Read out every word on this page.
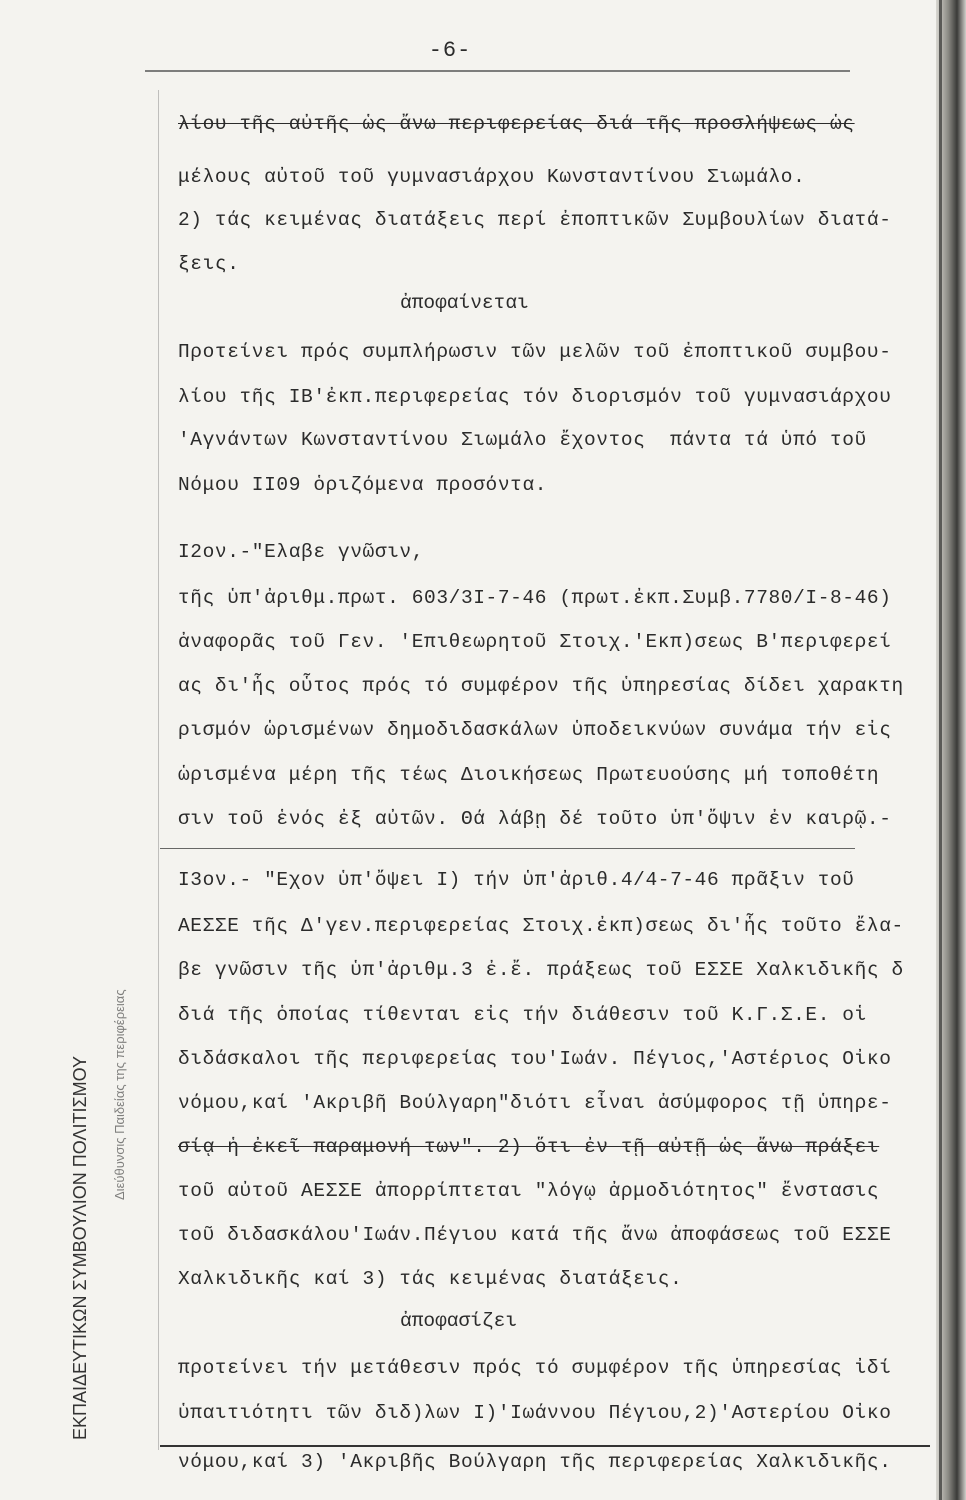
-6-
λίου τῆς αὐτῆς ὡς ἄνω περιφερείας διά τῆς προσλήψεως ὡς
μέλους αὐτοῦ τοῦ γυμνασιάρχου Κωνσταντίνου Σιωμάλο.
2) τάς κειμένας διατάξεις περί ἐποπτικῶν Συμβουλίων διατά-
ξεις.
ἀποφαίνεται
Προτείνει πρός συμπλήρωσιν τῶν μελῶν τοῦ ἐποπτικοῦ συμβου-
λίου τῆς ΙΒ'ἐκπ.περιφερείας τόν διορισμόν τοῦ γυμνασιάρχου
'Αγνάντων Κωνσταντίνου Σιωμάλο ἔχοντος  πάντα τά ὑπό τοῦ
Νόμου ΙΙ09 ὁριζόμενα προσόντα.
I2ον.-"Ελαβε γνῶσιν,
τῆς ὑπ'ἀριθμ.πρωτ. 603/3I-7-46 (πρωτ.ἐκπ.Συμβ.7780/I-8-46)
ἀναφορᾶς τοῦ Γεν. 'Επιθεωρητοῦ Στοιχ.'Εκπ)σεως Β'περιφερεί
ας δι'ἧς οὗτος πρός τό συμφέρον τῆς ὑπηρεσίας δίδει χαρακτη
ρισμόν ὡρισμένων δημοδιδασκάλων ὑποδεικνύων συνάμα τήν εἰς
ὡρισμένα μέρη τῆς τέως Διοικήσεως Πρωτευούσης μή τοποθέτη
σιν τοῦ ἑνός ἐξ αὐτῶν. Θά λάβῃ δέ τοῦτο ὑπ'ὄψιν ἐν καιρῷ.-
I3ον.- "Εχον ὑπ'ὄψει I) τήν ὑπ'ἀριθ.4/4-7-46 πρᾶξιν τοῦ
ΑΕΣΣΕ τῆς Δ'γεν.περιφερείας Στοιχ.ἐκπ)σεως δι'ἧς τοῦτο ἔλα-
βε γνῶσιν τῆς ὑπ'ἀριθμ.3 ἐ.ἔ. πράξεως τοῦ ΕΣΣΕ Χαλκιδικῆς δ
διά τῆς ὁποίας τίθενται εἰς τήν διάθεσιν τοῦ Κ.Γ.Σ.Ε. οἱ
διδάσκαλοι τῆς περιφερείας του'Ιωάν. Πέγιος,'Αστέριος Οἰκο
νόμου,καί 'Ακριβῆ Βούλγαρη"διότι εἶναι ἀσύμφορος τῇ ὑπηρε-
σίᾳ ἡ ἐκεῖ παραμονή των". 2) ὅτι ἐν τῇ αὐτῇ ὡς ἄνω πράξει
τοῦ αὐτοῦ ΑΕΣΣΕ ἀπορρίπτεται "λόγῳ ἀρμοδιότητος" ἔνστασις
τοῦ διδασκάλου'Ιωάν.Πέγιου κατά τῆς ἄνω ἀποφάσεως τοῦ ΕΣΣΕ
Χαλκιδικῆς καί 3) τάς κειμένας διατάξεις.
ἀποφασίζει
προτείνει τήν μετάθεσιν πρός τό συμφέρον τῆς ὑπηρεσίας ἰδί
ὑπαιτιότητι τῶν διδ)λων I)'Ιωάννου Πέγιου,2)'Αστερίου Οἰκο
νόμου,καί 3) 'Ακριβῆς Βούλγαρη τῆς περιφερείας Χαλκιδικῆς.
ΕΚΠΑΙΔΕΥΤΙΚΩΝ ΣΥΜΒΟΥΛΙΟΝ ΠΟΛΙΤΙΣΜΟΥ Διεύθυνσις Παιδείας της περιφέρειας
